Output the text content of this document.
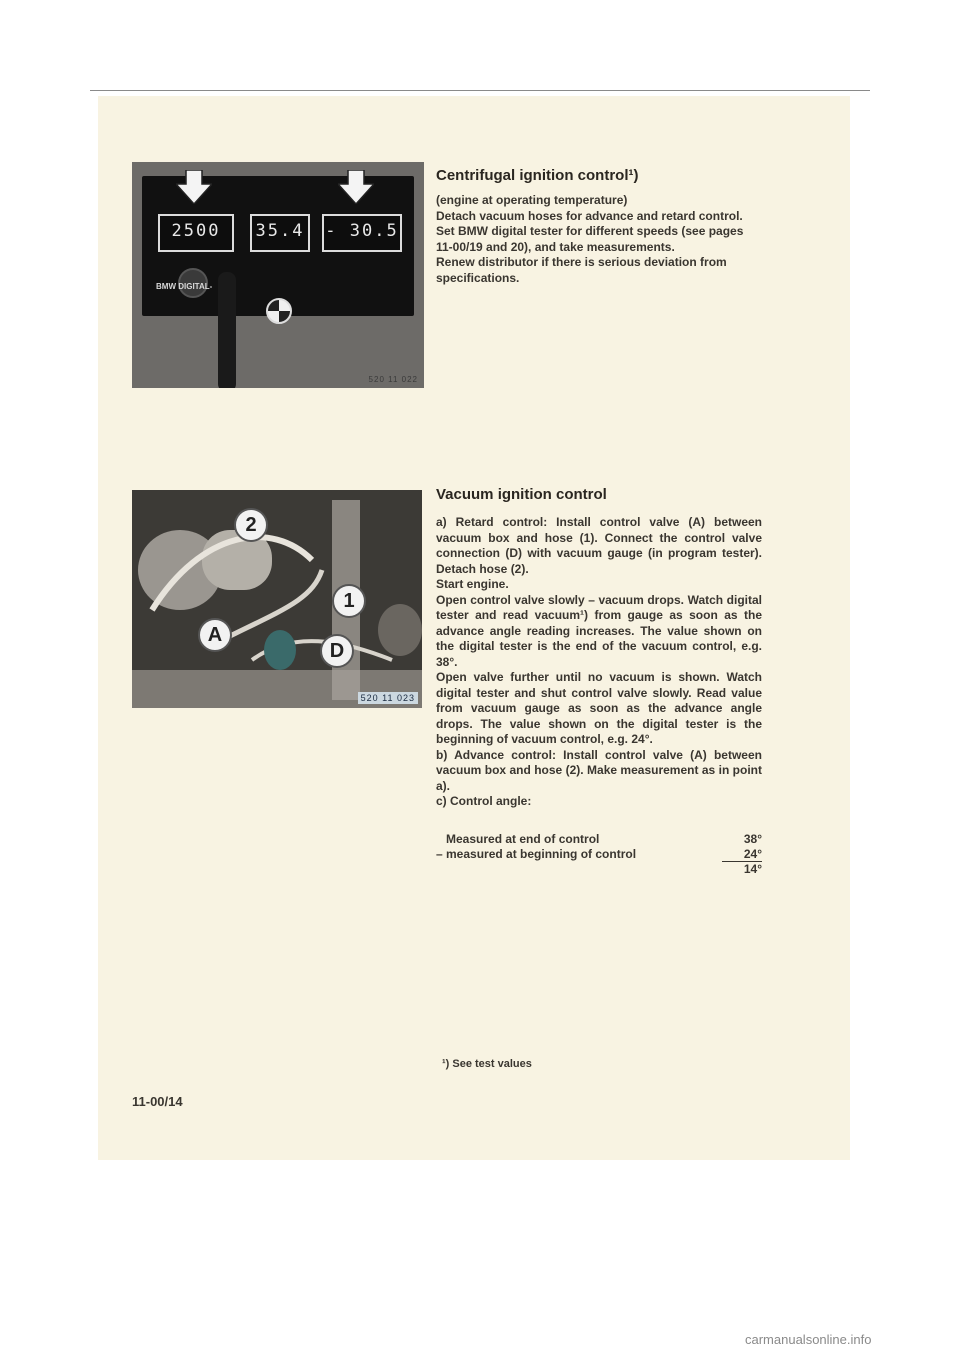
2500	35.4	- 30.5
BMW DIGITAL-
520 11 022
Centrifugal ignition control¹)

(engine at operating temperature)
Detach vacuum hoses for advance and retard control. Set BMW digital tester for different speeds (see pages 11-00/19 and 20), and take measurements.
Renew distributor if there is serious deviation from specifications.

2
1
A
D
520 11 023
Vacuum ignition control

a) Retard control: Install control valve (A) between vacuum box and hose (1). Connect the control valve connection (D) with vacuum gauge (in program tester). Detach hose (2).
Start engine.
Open control valve slowly – vacuum drops. Watch digital tester and read vacuum¹) from gauge as soon as the advance angle reading increases. The value shown on the digital tester is the end of the vacuum control, e.g. 38°.
Open valve further until no vacuum is shown. Watch digital tester and shut control valve slowly. Read value from vacuum gauge as soon as the advance angle drops. The value shown on the digital tester is the beginning of vacuum control, e.g. 24°.
b) Advance control: Install control valve (A) between vacuum box and hose (2). Make measurement as in point a).
c) Control angle:

Measured at end of control	38°
– measured at beginning of control	24°
14°
¹) See test values
11-00/14
carmanualsonline.info
